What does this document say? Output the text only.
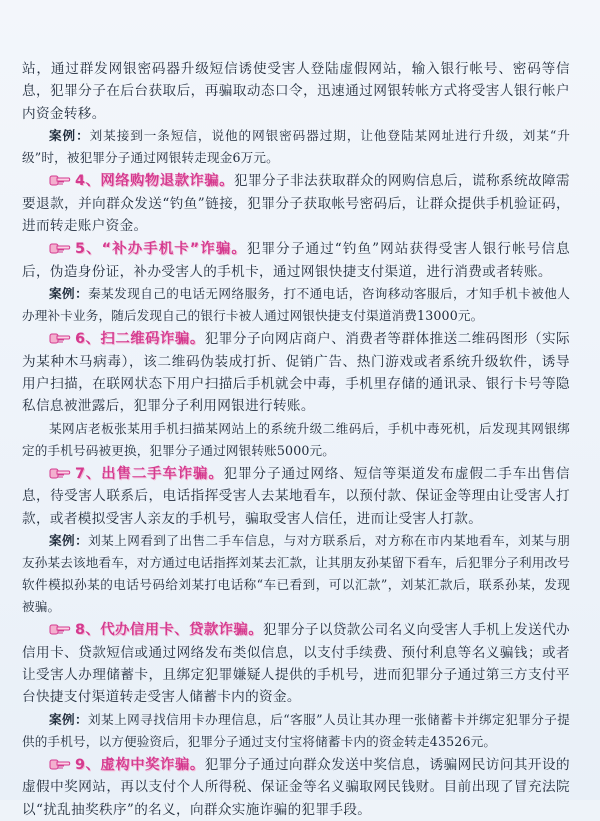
站，通过群发网银密码器升级短信诱使受害人登陆虚假网站，输入银行帐号、密码等信息，犯罪分子在后台获取后，再骗取动态口令，迅速通过网银转帐方式将受害人银行帐户内资金转移。

案例：刘某接到一条短信，说他的网银密码器过期，让他登陆某网址进行升级，刘某“升级”时，被犯罪分子通过网银转走现金6万元。

4、网络购物退款诈骗。犯罪分子非法获取群众的网购信息后，谎称系统故障需要退款，并向群众发送“钓鱼”链接，犯罪分子获取帐号密码后，让群众提供手机验证码，进而转走账户资金。

5、“补办手机卡”诈骗。犯罪分子通过“钓鱼”网站获得受害人银行帐号信息后，伪造身份证，补办受害人的手机卡，通过网银快捷支付渠道，进行消费或者转账。

案例：秦某发现自己的电话无网络服务，打不通电话，咨询移动客服后，才知手机卡被他人办理补卡业务，随后发现自己的银行卡被人通过网银快捷支付渠道消费13000元。

6、扫二维码诈骗。犯罪分子向网店商户、消费者等群体推送二维码图形（实际为某种木马病毒），该二维码伪装成打折、促销广告、热门游戏或者系统升级软件，诱导用户扫描，在联网状态下用户扫描后手机就会中毒，手机里存储的通讯录、银行卡号等隐私信息被泄露后，犯罪分子利用网银进行转账。

某网店老板张某用手机扫描某网站上的系统升级二维码后，手机中毒死机，后发现其网银绑定的手机号码被更换，犯罪分子通过网银转账5000元。

7、出售二手车诈骗。犯罪分子通过网络、短信等渠道发布虚假二手车出售信息，待受害人联系后，电话指挥受害人去某地看车，以预付款、保证金等理由让受害人打款，或者模拟受害人亲友的手机号，骗取受害人信任，进而让受害人打款。

案例：刘某上网看到了出售二手车信息，与对方联系后，对方称在市内某地看车，刘某与朋友孙某去该地看车，对方通过电话指挥刘某去汇款，让其朋友孙某留下看车，后犯罪分子利用改号软件模拟孙某的电话号码给刘某打电话称“车已看到，可以汇款”，刘某汇款后，联系孙某，发现被骗。

8、代办信用卡、贷款诈骗。犯罪分子以贷款公司名义向受害人手机上发送代办信用卡、贷款短信或通过网络发布类似信息，以支付手续费、预付利息等名义骗钱；或者让受害人办理储蓄卡，且绑定犯罪嫌疑人提供的手机号，进而犯罪分子通过第三方支付平台快捷支付渠道转走受害人储蓄卡内的资金。

案例：刘某上网寻找信用卡办理信息，后“客服”人员让其办理一张储蓄卡并绑定犯罪分子提供的手机号，以方便验资后，犯罪分子通过支付宝将储蓄卡内的资金转走43526元。

9、虚构中奖诈骗。犯罪分子通过向群众发送中奖信息，诱骗网民访问其开设的虚假中奖网站，再以支付个人所得税、保证金等名义骗取网民钱财。目前出现了冒充法院以“扰乱抽奖秩序”的名义，向群众实施诈骗的犯罪手段。
